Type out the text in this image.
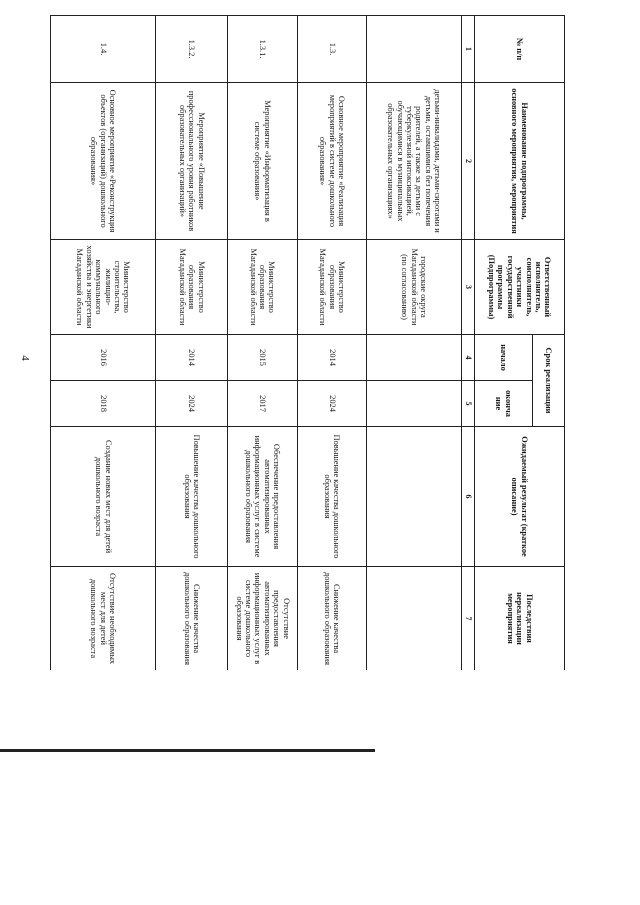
4
№ п/п	Наименование подпрограммы, основного мероприятия, мероприятия	Ответственный исполнитель, соисполнитель, участники государственной программы (Подпрограммы)	Срок реализации		Ожидаемый результат (краткое описание)	Последствия нереализации мероприятия
			начало	оконча ние		
1	2	3	4	5	6	7
	детьми-инвалидами, детьми-сиротами и детьми, оставшимися без попечения родителей, а также за детьми с туберкулезной интоксикацией, обучающимися в муниципальных образовательных организациях»	городские округа Магаданской области (по согласованию)				
1.3.	Основное мероприятие «Реализация мероприятий в системе дошкольного образования»	Министерство образования Магаданской области	2014	2024	Повышение качества дошкольного образования	Снижение качества дошкольного образования
1.3.1.	Мероприятие «Информатизация в системе образования»	Министерство образования Магаданской области	2015	2017	Обеспечение предоставления автоматизированных информационных услуг в системе дошкольного образования	Отсутствие предоставления автоматизированных информационных услуг в системе дошкольного образования
1.3.2.	Мероприятие «Повышение профессионального уровня работников образовательных организаций»	Министерство образования Магаданской области	2014	2024	Повышение качества дошкольного образования	Снижение качества дошкольного образования
1.4.	Основное мероприятие «Реконструкция объектов (организаций) дошкольного образования»	Министерство строительства, жилищно-коммунального хозяйства и энергетики Магаданской области	2016	2018	Создание новых мест для детей дошкольного возраста	Отсутствие необходимых мест для детей дошкольного возраста
